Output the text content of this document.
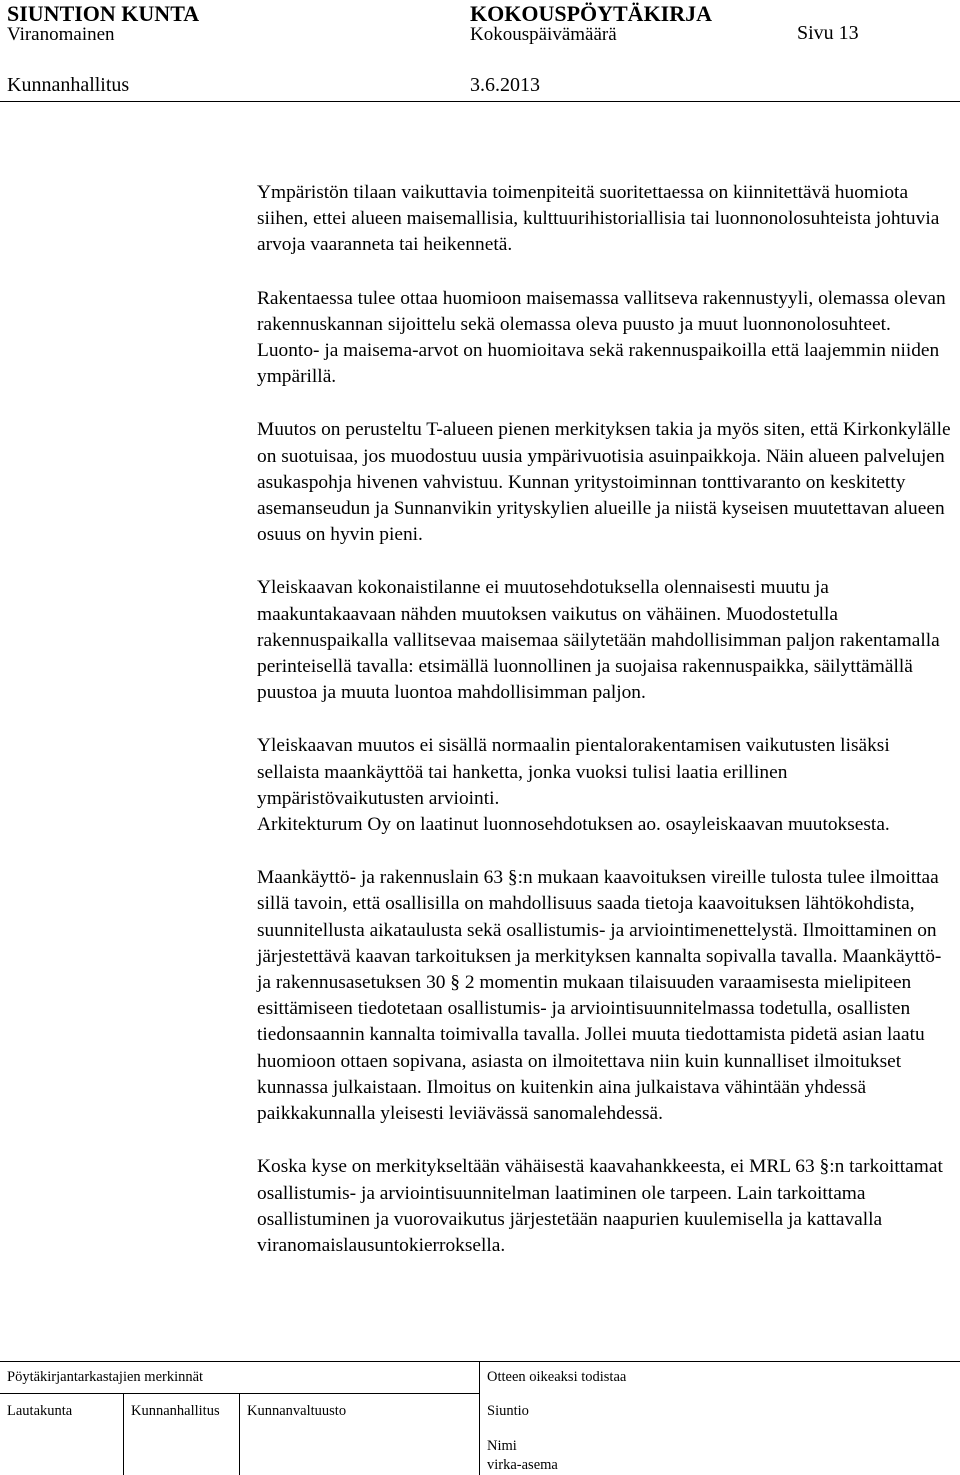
SIUNTION KUNTA	KOKOUSPÖYTÄKIRJA
Viranomainen	Kokouspäivämäärä	Sivu 13
Kunnanhallitus	3.6.2013

Ympäristön tilaan vaikuttavia toimenpiteitä suoritettaessa on kiinnitettävä huomiota siihen, ettei alueen maisemallisia, kulttuurihistoriallisia tai luonnonolosuhteista johtuvia arvoja vaaranneta tai heikennetä.

Rakentaessa tulee ottaa huomioon maisemassa vallitseva rakennustyyli, olemassa olevan rakennuskannan sijoittelu sekä olemassa oleva puusto ja muut luonnonolosuhteet. Luonto- ja maisema-arvot on huomioitava sekä rakennuspaikoilla että laajemmin niiden ympärillä.

Muutos on perusteltu T-alueen pienen merkityksen takia ja myös siten, että Kirkonkylälle on suotuisaa, jos muodostuu uusia ympärivuotisia asuinpaikkoja. Näin alueen palvelujen asukaspohja hivenen vahvistuu. Kunnan yritystoiminnan tonttivaranto on keskitetty asemanseudun ja Sunnanvikin yrityskylien alueille ja niistä kyseisen muutettavan alueen osuus on hyvin pieni.

Yleiskaavan kokonaistilanne ei muutosehdotuksella olennaisesti muutu ja maakuntakaavaan nähden muutoksen vaikutus on vähäinen. Muodostetulla rakennuspaikalla vallitsevaa maisemaa säilytetään mahdollisimman paljon rakentamalla perinteisellä tavalla: etsimällä luonnollinen ja suojaisa rakennuspaikka, säilyttämällä puustoa ja muuta luontoa mahdollisimman paljon.

Yleiskaavan muutos ei sisällä normaalin pientalorakentamisen vaikutusten lisäksi sellaista maankäyttöä tai hanketta, jonka vuoksi tulisi laatia erillinen ympäristövaikutusten arviointi.
Arkitekturum Oy on laatinut luonnosehdotuksen ao. osayleiskaavan muutoksesta.

Maankäyttö- ja rakennuslain 63 §:n mukaan kaavoituksen vireille tulosta tulee ilmoittaa sillä tavoin, että osallisilla on mahdollisuus saada tietoja kaavoituksen lähtökohdista, suunnitellusta aikataulusta sekä osallistumis- ja arviointimenettelystä. Ilmoittaminen on järjestettävä kaavan tarkoituksen ja merkityksen kannalta sopivalla tavalla. Maankäyttö- ja rakennusasetuksen 30 § 2 momentin mukaan tilaisuuden varaamisesta mielipiteen esittämiseen tiedotetaan osallistumis- ja arviointisuunnitelmassa todetulla, osallisten tiedonsaannin kannalta toimivalla tavalla. Jollei muuta tiedottamista pidetä asian laatu huomioon ottaen sopivana, asiasta on ilmoitettava niin kuin kunnalliset ilmoitukset kunnassa julkaistaan. Ilmoitus on kuitenkin aina julkaistava vähintään yhdessä paikkakunnalla yleisesti leviävässä sanomalehdessä.

Koska kyse on merkitykseltään vähäisestä kaavahankkeesta, ei MRL 63 §:n tarkoittamat osallistumis- ja arviointisuunnitelman laatiminen ole tarpeen. Lain tarkoittama osallistuminen ja vuorovaikutus järjestetään naapurien kuulemisella ja kattavalla viranomaislausuntokierroksella.

Pöytäkirjantarkastajien merkinnät	Otteen oikeaksi todistaa
Lautakunta	Kunnanhallitus Kunnanvaltuusto	Siuntio
Nimi
virka-asema
